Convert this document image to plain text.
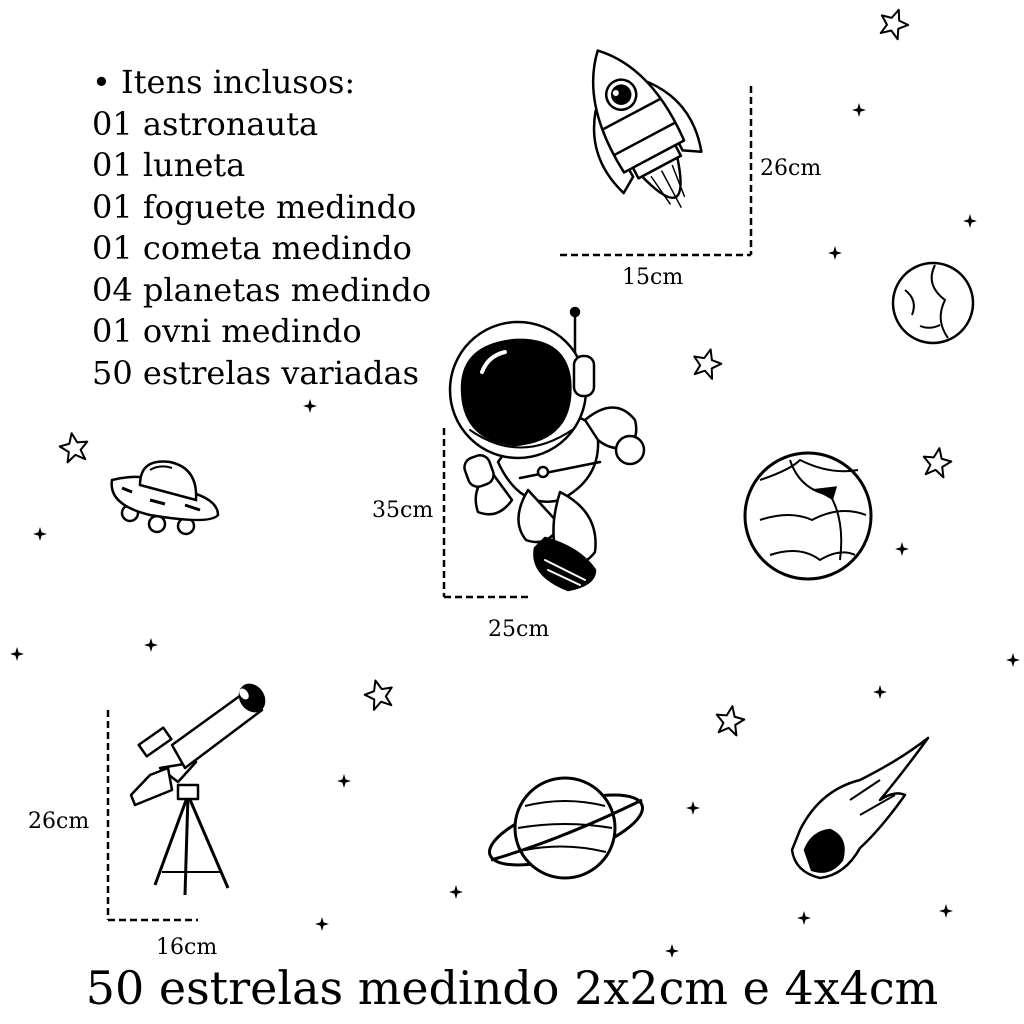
• Itens inclusos:
01 astronauta
01 luneta
01 foguete medindo
01 cometa medindo
04 planetas medindo
01 ovni medindo
50 estrelas variadas
26cm
15cm
35cm
25cm
26cm
16cm
50 estrelas medindo 2x2cm e 4x4cm
